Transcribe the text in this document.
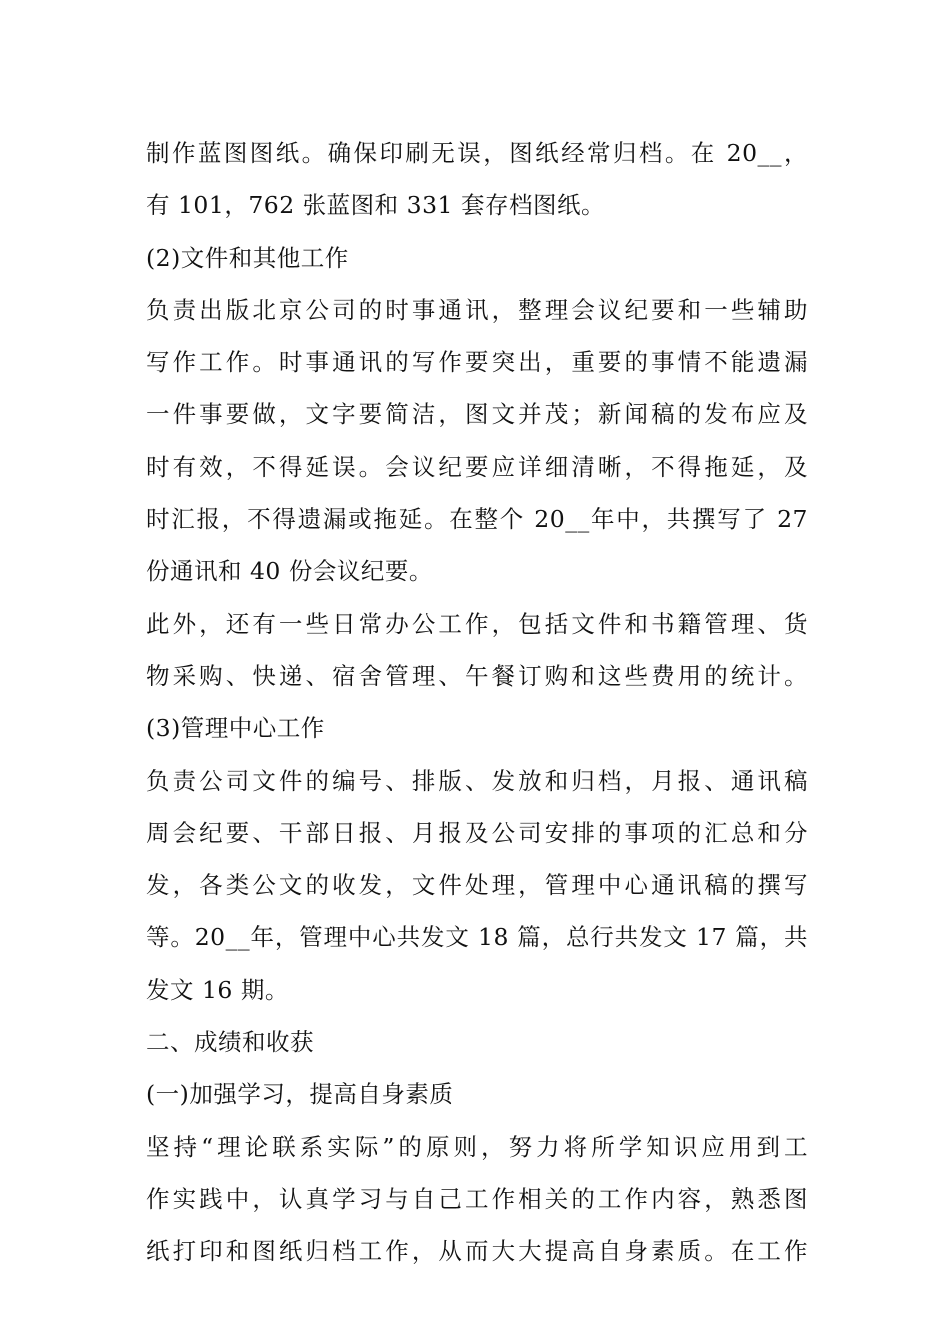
制作蓝图图纸。确保印刷无误，图纸经常归档。在 20__，
有 101，762 张蓝图和 331 套存档图纸。
(2)文件和其他工作
负责出版北京公司的时事通讯，整理会议纪要和一些辅助
写作工作。时事通讯的写作要突出，重要的事情不能遗漏
一件事要做，文字要简洁，图文并茂；新闻稿的发布应及
时有效，不得延误。会议纪要应详细清晰，不得拖延，及
时汇报，不得遗漏或拖延。在整个 20__年中，共撰写了 27
份通讯和 40 份会议纪要。
此外，还有一些日常办公工作，包括文件和书籍管理、货
物采购、快递、宿舍管理、午餐订购和这些费用的统计。
(3)管理中心工作
负责公司文件的编号、排版、发放和归档，月报、通讯稿
周会纪要、干部日报、月报及公司安排的事项的汇总和分
发，各类公文的收发，文件处理，管理中心通讯稿的撰写
等。20__年，管理中心共发文 18 篇，总行共发文 17 篇，共
发文 16 期。
二、成绩和收获
(一)加强学习，提高自身素质
坚持“理论联系实际”的原则，努力将所学知识应用到工
作实践中，认真学习与自己工作相关的工作内容，熟悉图
纸打印和图纸归档工作，从而大大提高自身素质。在工作
